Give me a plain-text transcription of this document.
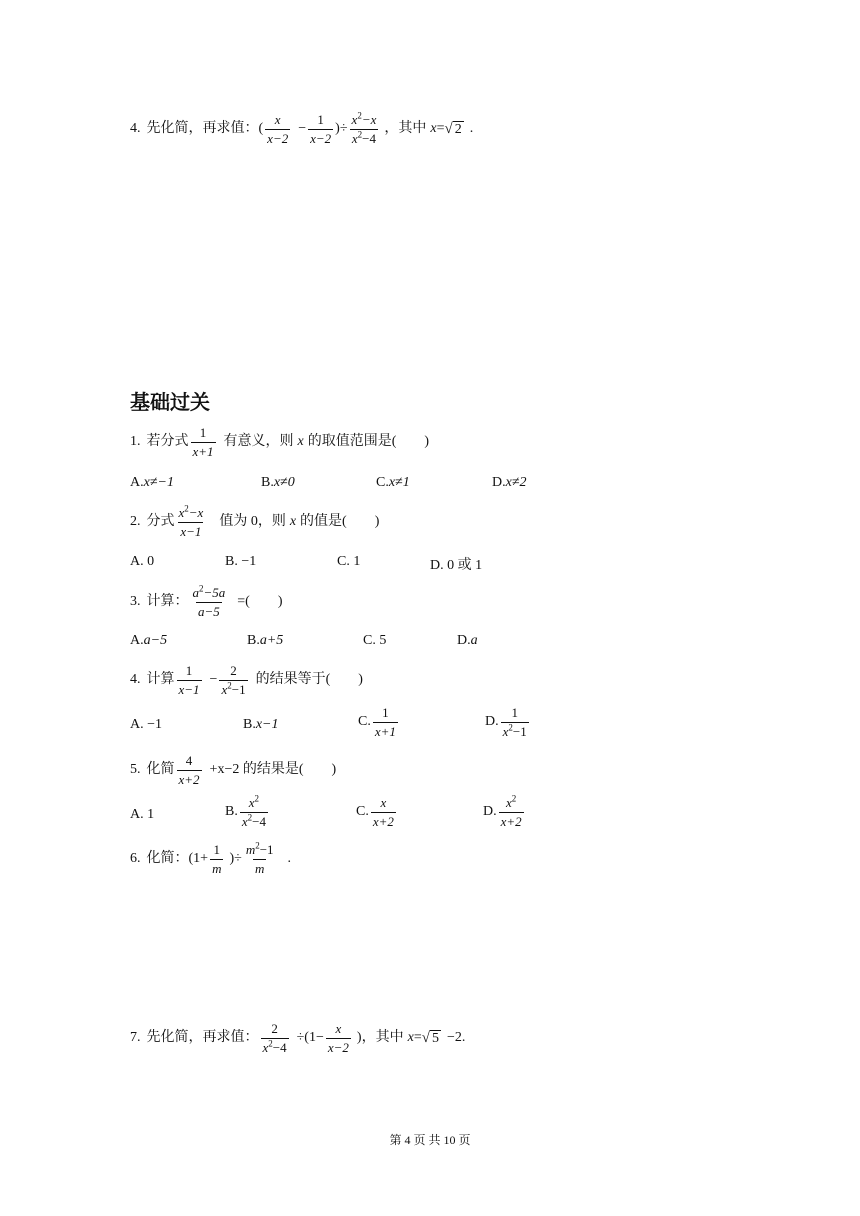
4. 先化简，再求值： ( $\frac{x}{x-2} - \frac{1}{x-2}$ )÷ $\frac{x^2-x}{x^2-4}$ ，其中 x = √ 2 .
基础过关
1. 若分式 $\frac{1}{x+1}$ 有意义，则 x 的取值范围是(　　)
A. x≠−1	B. x≠0	C. x≠1	D. x≠2
2. 分式 $\frac{x^2-x}{x-1}$ 值为 0，则 x 的值是(　　)
A. 0	B. −1	C. 1	D. 0 或 1
3. 计算： $\frac{a^2-5a}{a-5}$ =(　　)
A. a−5	B. a+5	C. 5	D. a
4. 计算 $\frac{1}{x-1} - \frac{2}{x^2-1}$ 的结果等于(　　)
A. −1	B. x−1	C. $\frac{1}{x+1}$	D. $\frac{1}{x^2-1}$
5. 化简 $\frac{4}{x+2} +x-2$ 的结果是(　　)
A. 1	B. $\frac{x^2}{x^2-4}$	C. $\frac{x}{x+2}$	D. $\frac{x^2}{x+2}$
6. 化简：($1+ \frac{1}{m}$ )÷ $\frac{m^2-1}{m}$ .
7. 先化简，再求值： $\frac{2}{x^2-4} \div(1- \frac{x}{x-2}$ )，其中 x = √ 5 −2.
第 4 页 共 10 页
